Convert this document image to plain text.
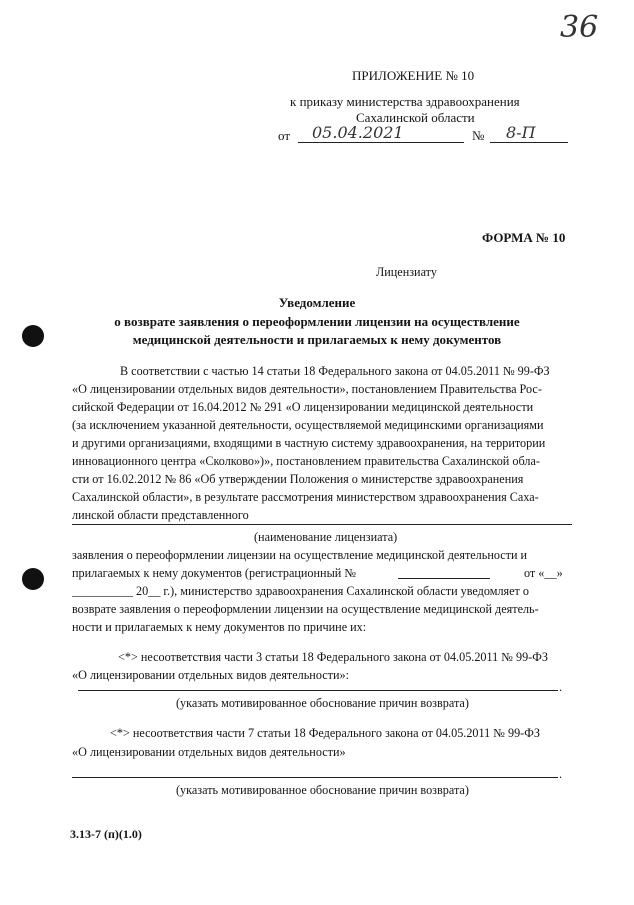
36
ПРИЛОЖЕНИЕ № 10
к приказу министерства здравоохранения
Сахалинской области
от 05.04.2021	№ 8-П
ФОРМА № 10
Лицензиату
Уведомление
о возврате заявления о переоформлении лицензии на осуществление
медицинской деятельности и прилагаемых к нему документов
В соответствии с частью 14 статьи 18 Федерального закона от 04.05.2011 № 99-ФЗ
«О лицензировании отдельных видов деятельности», постановлением Правительства Рос-
сийской Федерации от 16.04.2012 № 291 «О лицензировании медицинской деятельности
(за исключением указанной деятельности, осуществляемой медицинскими организациями
и другими организациями, входящими в частную систему здравоохранения, на территории
инновационного центра «Сколково»)», постановлением правительства Сахалинской обла-
сти от 16.02.2012 № 86 «Об утверждении Положения о министерстве здравоохранения
Сахалинской области», в результате рассмотрения министерством здравоохранения Саха-
линской области представленного
(наименование лицензиата)
заявления о переоформлении лицензии на осуществление медицинской деятельности и
прилагаемых к нему документов (регистрационный №	от «__»
__________ 20__ г.), министерство здравоохранения Сахалинской области уведомляет о
возврате заявления о переоформлении лицензии на осуществление медицинской деятель-
ности и прилагаемых к нему документов по причине их:
<*> несоответствия части 3 статьи 18 Федерального закона от 04.05.2011 № 99-ФЗ
«О лицензировании отдельных видов деятельности»:
.
(указать мотивированное обоснование причин возврата)
<*> несоответствия части 7 статьи 18 Федерального закона от 04.05.2011 № 99-ФЗ
«О лицензировании отдельных видов деятельности»
.
(указать мотивированное обоснование причин возврата)
3.13-7 (п)(1.0)
